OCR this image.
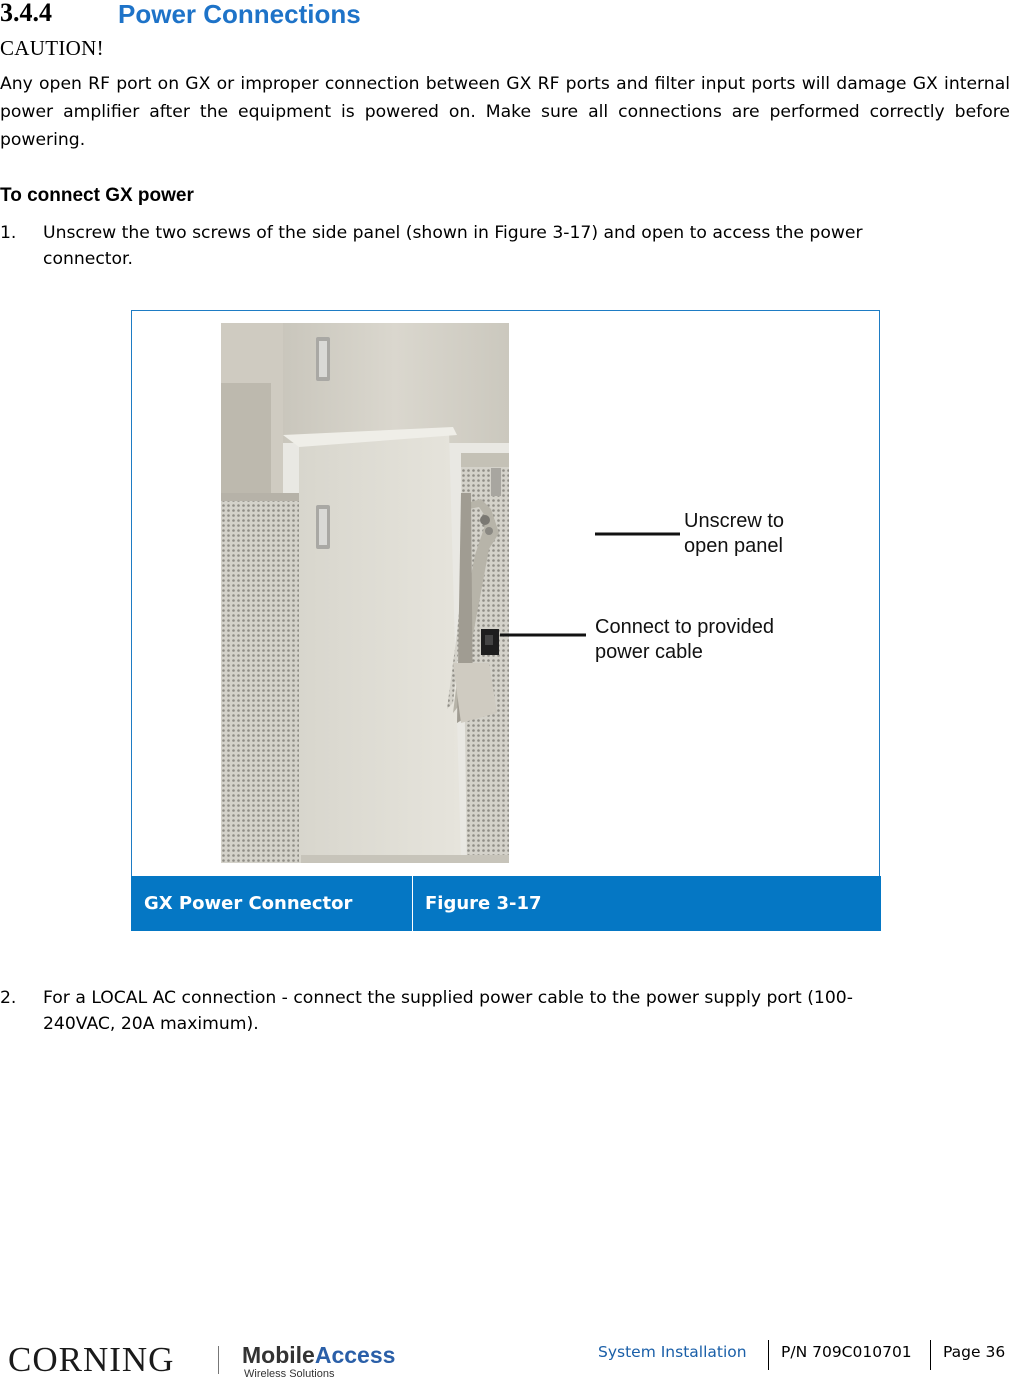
3.4.4	Power Connections
CAUTION!
Any open RF port on GX or improper connection between GX RF ports and filter input ports will damage GX internal power amplifier after the equipment is powered on. Make sure all connections are performed correctly before powering.
To connect GX power
1. Unscrew the two screws of the side panel (shown in Figure 3-17) and open to access the power connector.
Unscrew to
open panel
Connect to provided
power cable
GX Power Connector	Figure 3-17
2. For a LOCAL AC connection - connect the supplied power cable to the power supply port (100-240VAC, 20A maximum).
CORNING	MobileAccess
Wireless Solutions
System Installation P/N 709C010701 Page 36
